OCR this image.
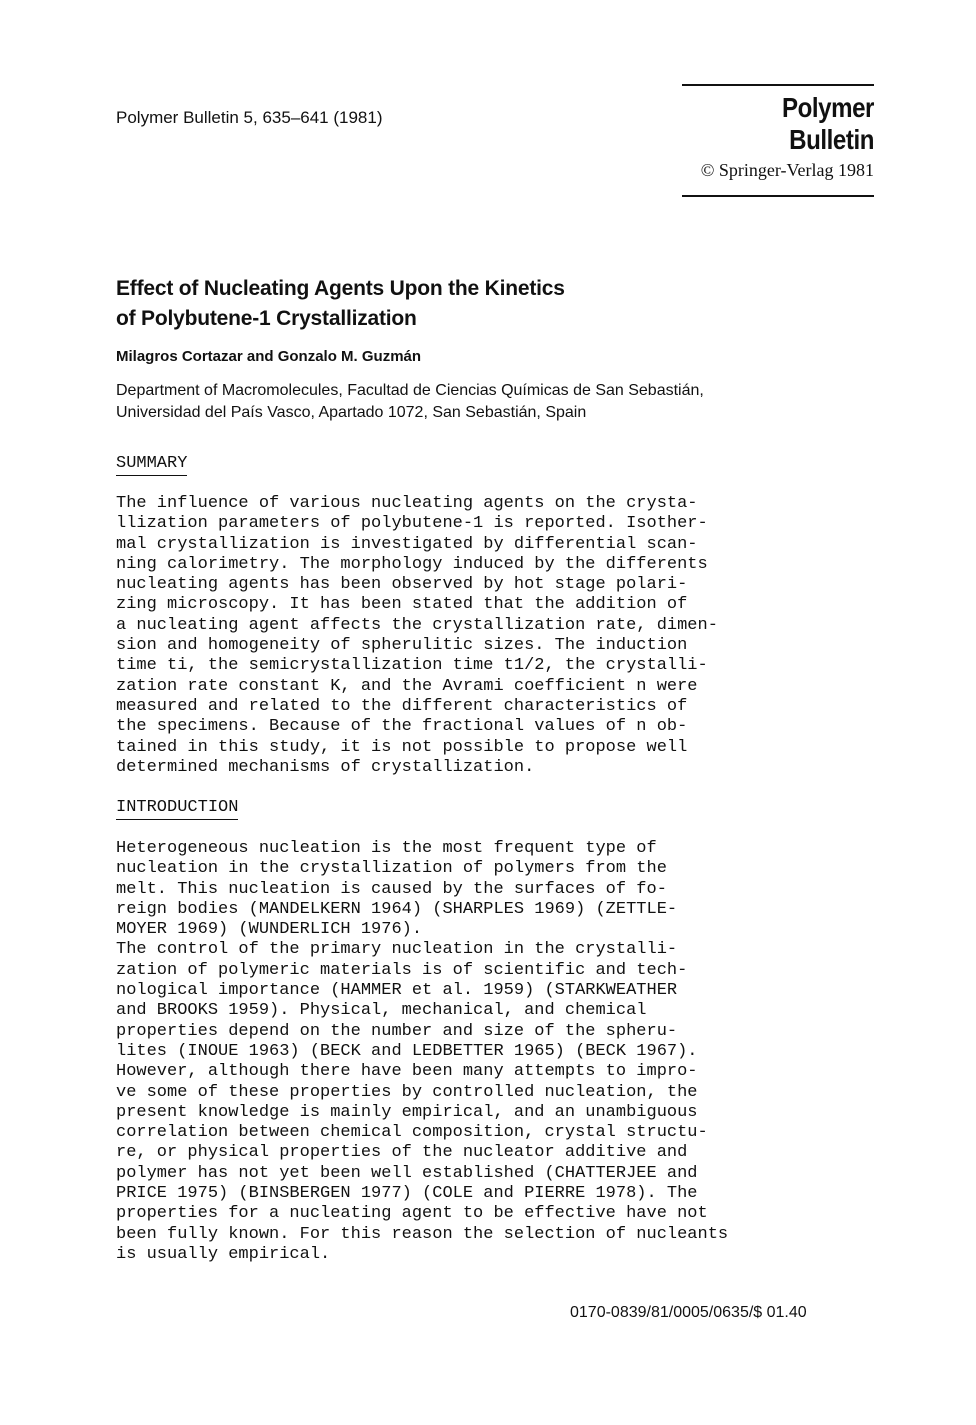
Polymer Bulletin 5, 635–641 (1981)	Polymer Bulletin
© Springer-Verlag 1981
Effect of Nucleating Agents Upon the Kinetics
of Polybutene-1 Crystallization
Milagros Cortazar and Gonzalo M. Guzmán
Department of Macromolecules, Facultad de Ciencias Químicas de San Sebastián,
Universidad del País Vasco, Apartado 1072, San Sebastián, Spain
SUMMARY
The influence of various nucleating agents on the crysta-
llization parameters of polybutene-1 is reported. Isother-
mal crystallization is investigated by differential scan-
ning calorimetry. The morphology induced by the differents
nucleating agents has been observed by hot stage polari-
zing microscopy. It has been stated that the addition of
a nucleating agent affects the crystallization rate, dimen-
sion and homogeneity of spherulitic sizes. The induction
time ti, the semicrystallization time t1/2, the crystalli-
zation rate constant K, and the Avrami coefficient n were
measured and related to the different characteristics of
the specimens. Because of the fractional values of n ob-
tained in this study, it is not possible to propose well
determined mechanisms of crystallization.
INTRODUCTION
Heterogeneous nucleation is the most frequent type of
nucleation in the crystallization of polymers from the
melt. This nucleation is caused by the surfaces of fo-
reign bodies (MANDELKERN 1964) (SHARPLES 1969) (ZETTLE-
MOYER 1969) (WUNDERLICH 1976).
The control of the primary nucleation in the crystalli-
zation of polymeric materials is of scientific and tech-
nological importance (HAMMER et al. 1959) (STARKWEATHER
and BROOKS 1959). Physical, mechanical, and chemical
properties depend on the number and size of the spheru-
lites (INOUE 1963) (BECK and LEDBETTER 1965) (BECK 1967).
However, although there have been many attempts to impro-
ve some of these properties by controlled nucleation, the
present knowledge is mainly empirical, and an unambiguous
correlation between chemical composition, crystal structu-
re, or physical properties of the nucleator additive and
polymer has not yet been well established (CHATTERJEE and
PRICE 1975) (BINSBERGEN 1977) (COLE and PIERRE 1978). The
properties for a nucleating agent to be effective have not
been fully known. For this reason the selection of nucleants
is usually empirical.
0170-0839/81/0005/0635/$ 01.40
